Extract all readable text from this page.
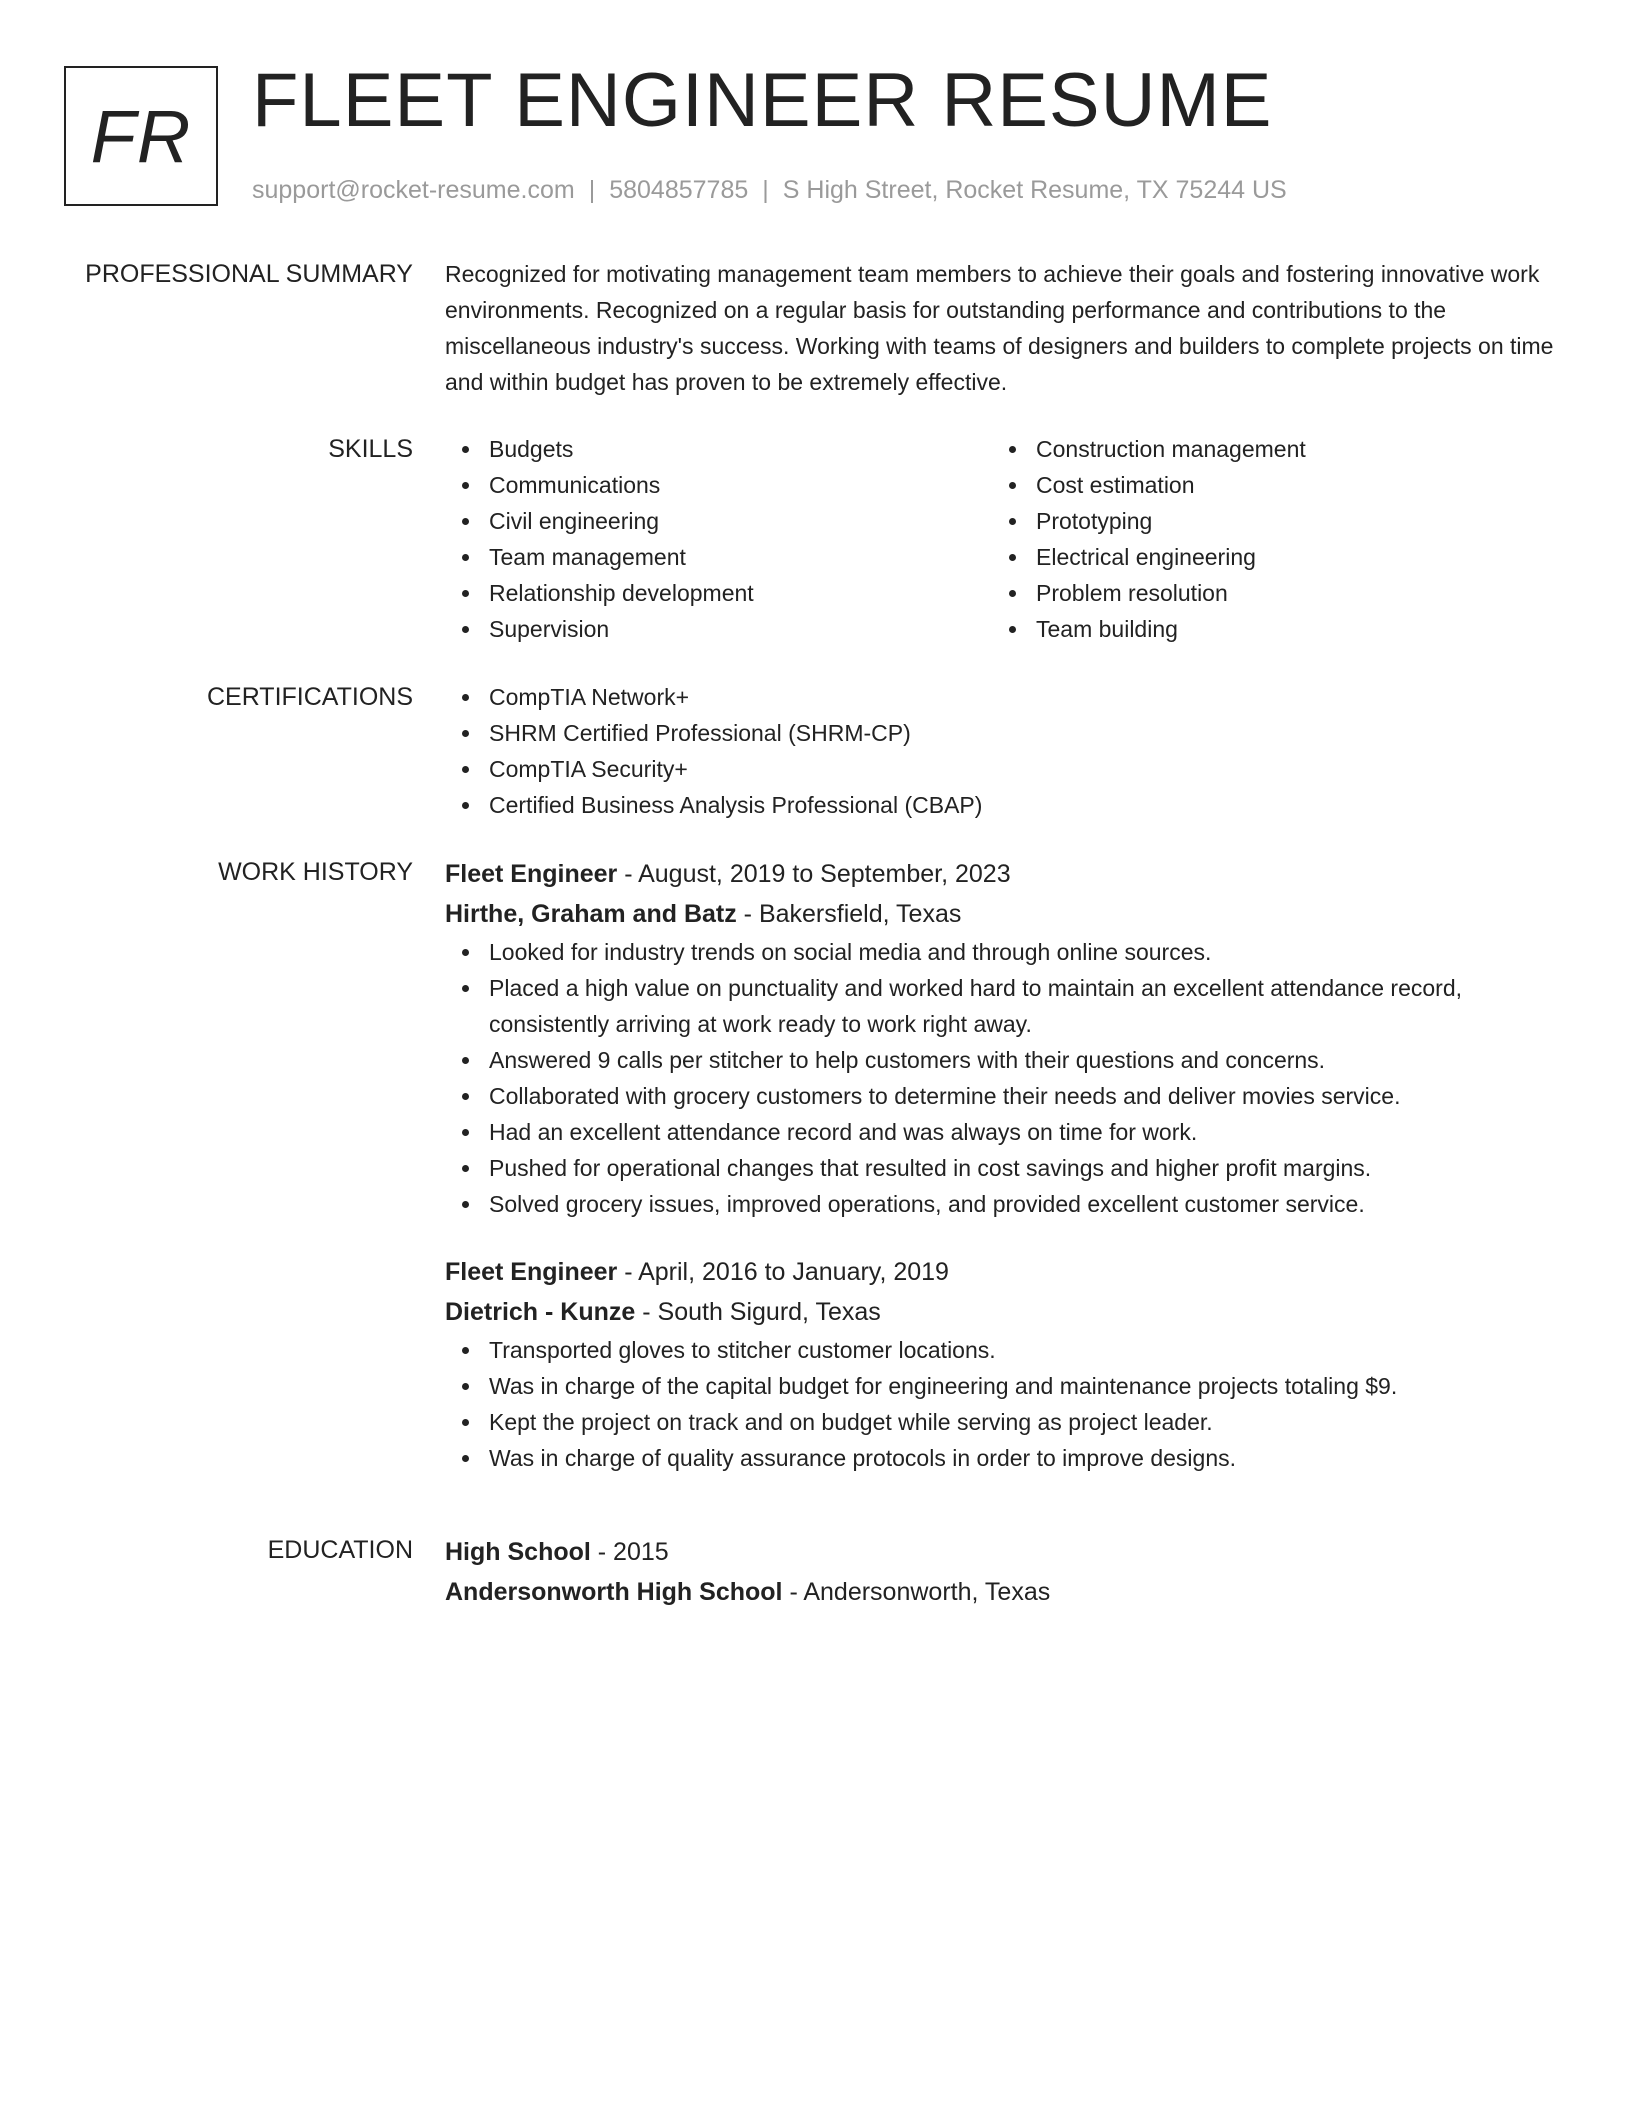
FR FLEET ENGINEER RESUME
support@rocket-resume.com | 5804857785 | S High Street, Rocket Resume, TX 75244 US
PROFESSIONAL SUMMARY Recognized for motivating management team members to achieve their goals and fostering innovative work environments. Recognized on a regular basis for outstanding performance and contributions to the miscellaneous industry's success. Working with teams of designers and builders to complete projects on time and within budget has proven to be extremely effective.
SKILLS	Budgets
Communications
Civil engineering
Team management
Relationship development
Supervision
Construction management
Cost estimation
Prototyping
Electrical engineering
Problem resolution
Team building
CERTIFICATIONS	CompTIA Network+
SHRM Certified Professional (SHRM-CP)
CompTIA Security+
Certified Business Analysis Professional (CBAP)
WORK HISTORY Fleet Engineer - August, 2019 to September, 2023
Hirthe, Graham and Batz - Bakersfield, Texas
Looked for industry trends on social media and through online sources.
Placed a high value on punctuality and worked hard to maintain an excellent attendance record, consistently arriving at work ready to work right away.
Answered 9 calls per stitcher to help customers with their questions and concerns.
Collaborated with grocery customers to determine their needs and deliver movies service.
Had an excellent attendance record and was always on time for work.
Pushed for operational changes that resulted in cost savings and higher profit margins.
Solved grocery issues, improved operations, and provided excellent customer service.
Fleet Engineer - April, 2016 to January, 2019
Dietrich - Kunze - South Sigurd, Texas
Transported gloves to stitcher customer locations.
Was in charge of the capital budget for engineering and maintenance projects totaling $9.
Kept the project on track and on budget while serving as project leader.
Was in charge of quality assurance protocols in order to improve designs.
EDUCATION High School - 2015
Andersonworth High School - Andersonworth, Texas
